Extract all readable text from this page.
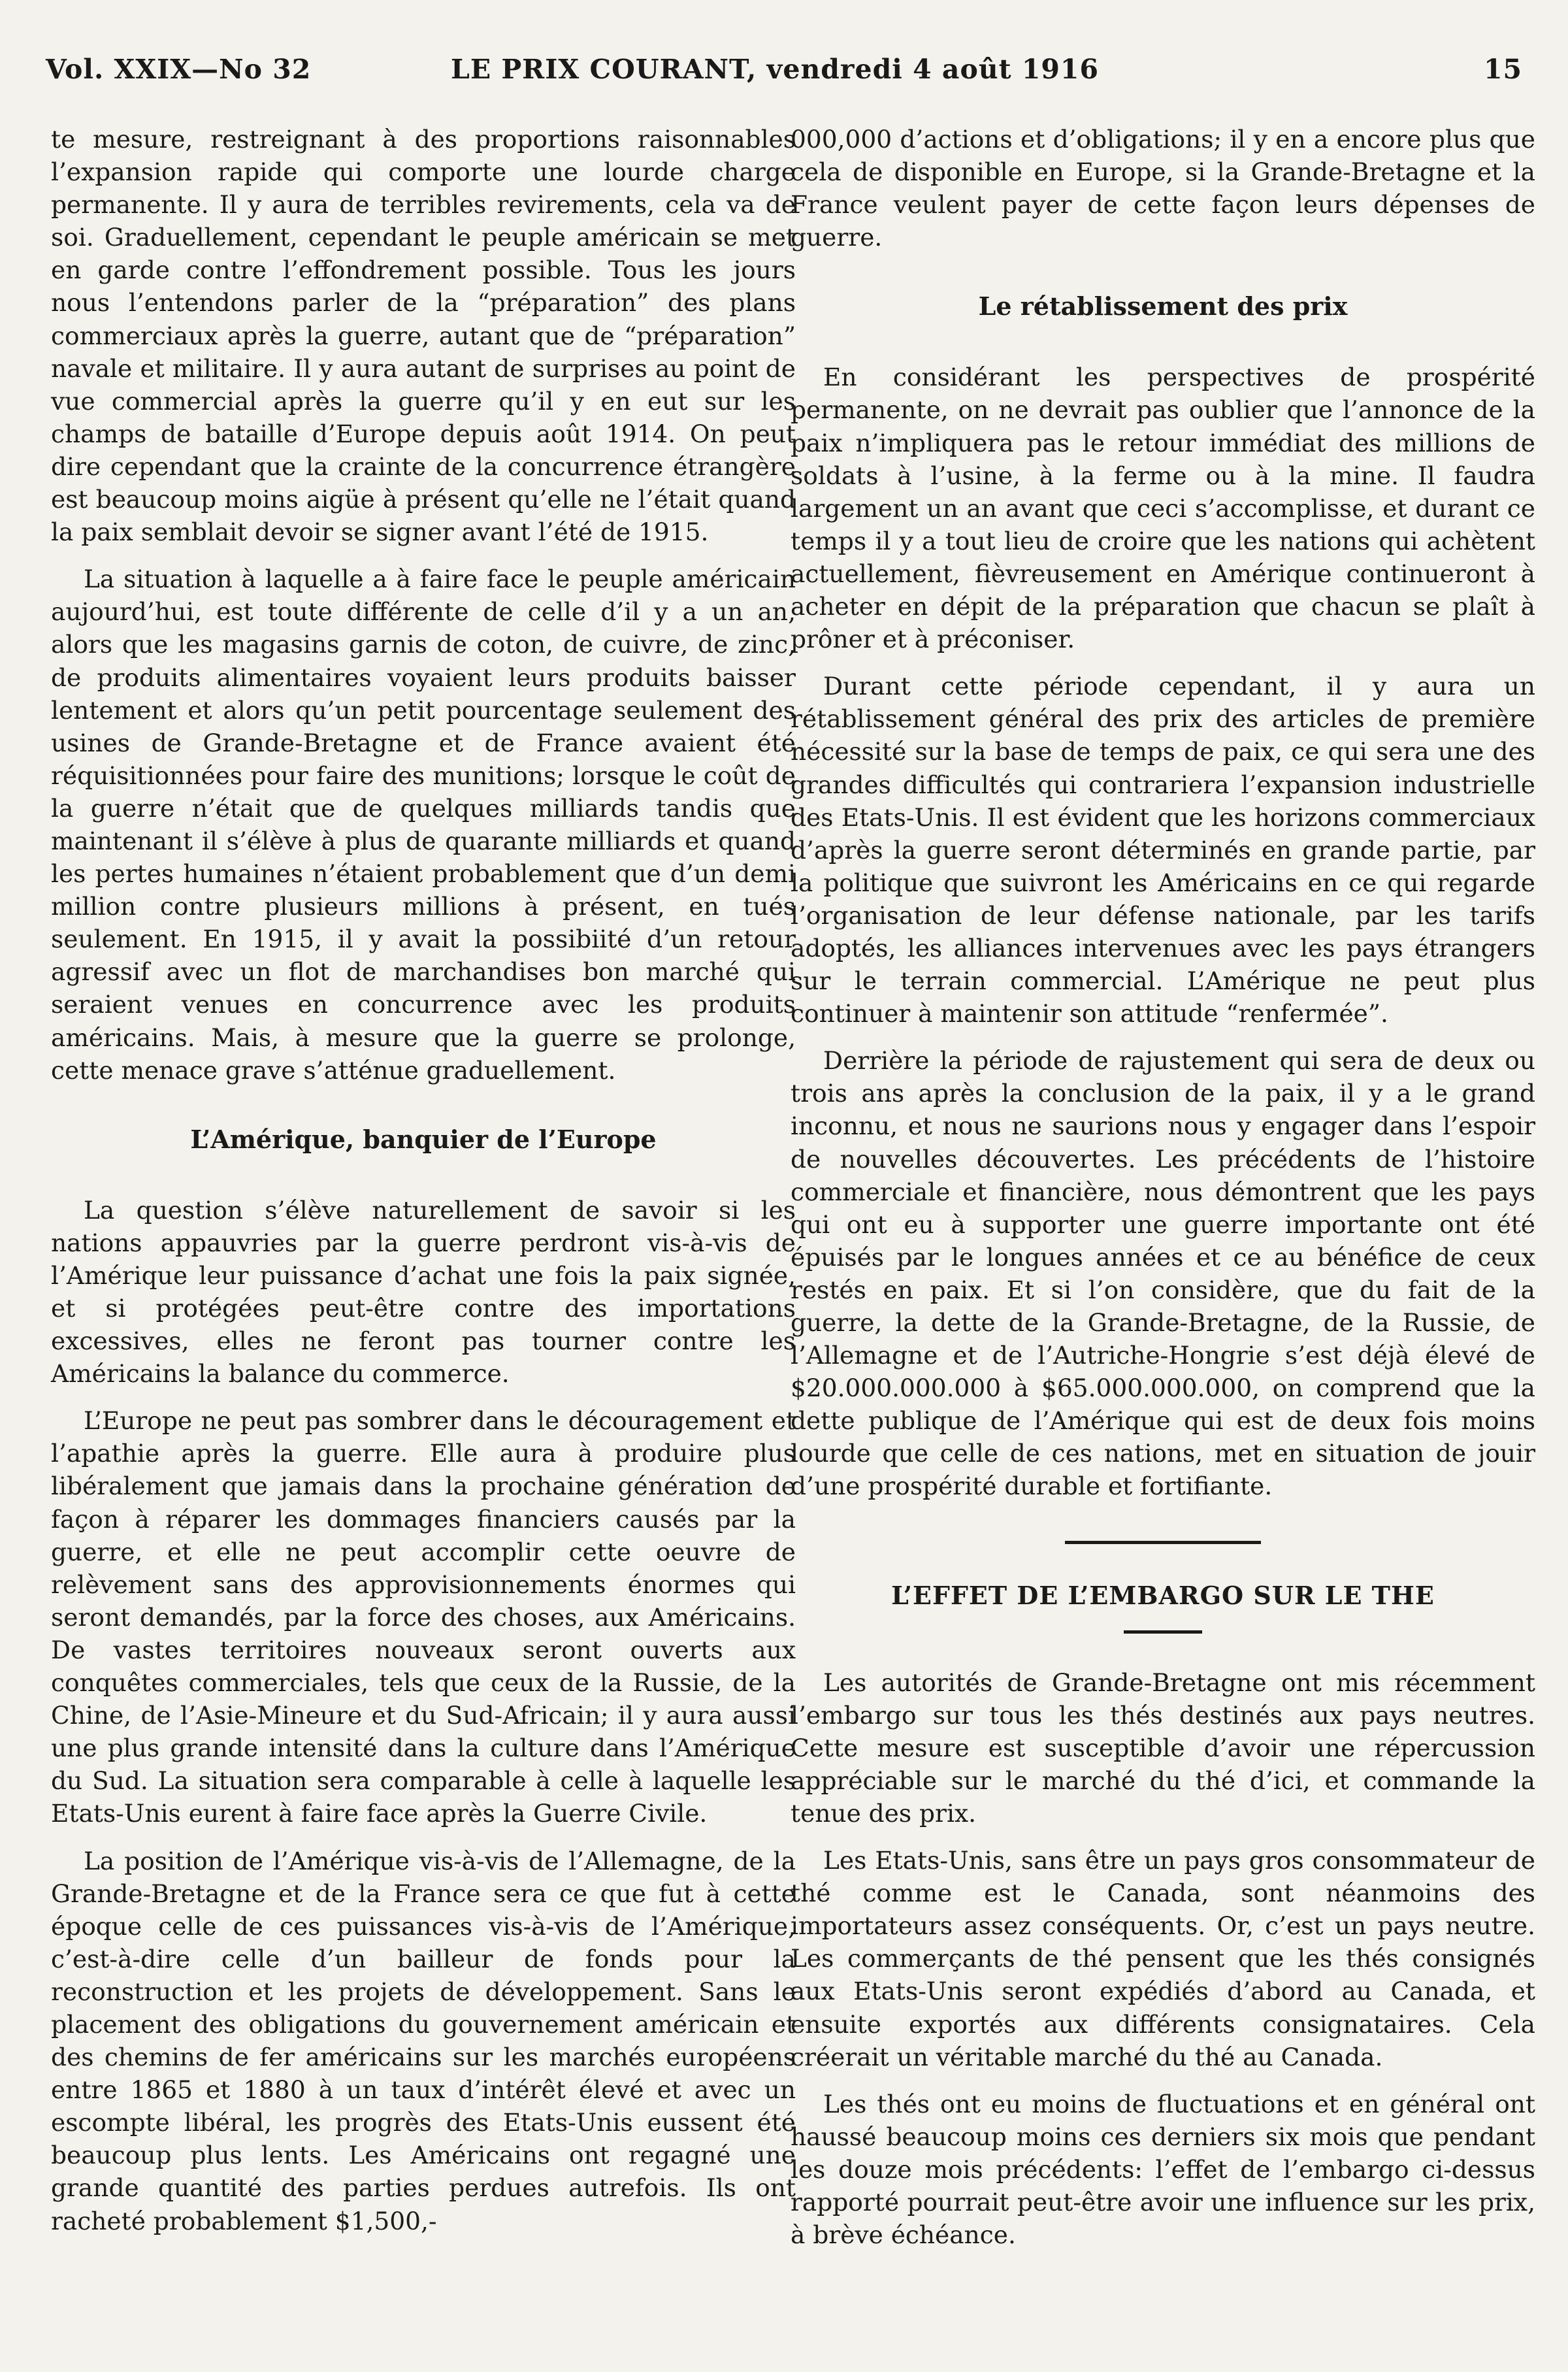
Vol. XXIX—No 32	LE PRIX COURANT, vendredi 4 août 1916	15

te mesure, restreignant à des proportions raisonnables l’expansion rapide qui comporte une lourde charge permanente. Il y aura de terribles revirements, cela va de soi. Graduellement, cependant le peuple américain se met en garde contre l’effondrement possible. Tous les jours nous l’entendons parler de la “préparation” des plans commerciaux après la guerre, autant que de “préparation” navale et militaire. Il y aura autant de surprises au point de vue commercial après la guerre qu’il y en eut sur les champs de bataille d’Europe depuis août 1914. On peut dire cependant que la crainte de la concurrence étrangère est beaucoup moins aigüe à présent qu’elle ne l’était quand la paix semblait devoir se signer avant l’été de 1915.

La situation à laquelle a à faire face le peuple américain aujourd’hui, est toute différente de celle d’il y a un an, alors que les magasins garnis de coton, de cuivre, de zinc, de produits alimentaires voyaient leurs produits baisser lentement et alors qu’un petit pourcentage seulement des usines de Grande-Bretagne et de France avaient été réquisitionnées pour faire des munitions; lorsque le coût de la guerre n’était que de quelques milliards tandis que maintenant il s’élève à plus de quarante milliards et quand les pertes humaines n’étaient probablement que d’un demi million contre plusieurs millions à présent, en tués seulement. En 1915, il y avait la possibiité d’un retour agressif avec un flot de marchandises bon marché qui seraient venues en concurrence avec les produits américains. Mais, à mesure que la guerre se prolonge, cette menace grave s’atténue graduellement.

L’Amérique, banquier de l’Europe

La question s’élève naturellement de savoir si les nations appauvries par la guerre perdront vis-à-vis de l’Amérique leur puissance d’achat une fois la paix signée, et si protégées peut-être contre des importations excessives, elles ne feront pas tourner contre les Américains la balance du commerce.

L’Europe ne peut pas sombrer dans le découragement et l’apathie après la guerre. Elle aura à produire plus libéralement que jamais dans la prochaine génération de façon à réparer les dommages financiers causés par la guerre, et elle ne peut accomplir cette oeuvre de relèvement sans des approvisionnements énormes qui seront demandés, par la force des choses, aux Américains. De vastes territoires nouveaux seront ouverts aux conquêtes commerciales, tels que ceux de la Russie, de la Chine, de l’Asie-Mineure et du Sud-Africain; il y aura aussi une plus grande intensité dans la culture dans l’Amérique du Sud. La situation sera comparable à celle à laquelle les Etats-Unis eurent à faire face après la Guerre Civile.

La position de l’Amérique vis-à-vis de l’Allemagne, de la Grande-Bretagne et de la France sera ce que fut à cette époque celle de ces puissances vis-à-vis de l’Amérique, c’est-à-dire celle d’un bailleur de fonds pour la reconstruction et les projets de développement. Sans le placement des obligations du gouvernement américain et des chemins de fer américains sur les marchés européens entre 1865 et 1880 à un taux d’intérêt élevé et avec un escompte libéral, les progrès des Etats-Unis eussent été beaucoup plus lents. Les Américains ont regagné une grande quantité des parties perdues autrefois. Ils ont racheté probablement $1,500,-

000,000 d’actions et d’obligations; il y en a encore plus que cela de disponible en Europe, si la Grande-Bretagne et la France veulent payer de cette façon leurs dépenses de guerre.

Le rétablissement des prix

En considérant les perspectives de prospérité permanente, on ne devrait pas oublier que l’annonce de la paix n’impliquera pas le retour immédiat des millions de soldats à l’usine, à la ferme ou à la mine. Il faudra largement un an avant que ceci s’accomplisse, et durant ce temps il y a tout lieu de croire que les nations qui achètent actuellement, fièvreusement en Amérique continueront à acheter en dépit de la préparation que chacun se plaît à prôner et à préconiser.

Durant cette période cependant, il y aura un rétablissement général des prix des articles de première nécessité sur la base de temps de paix, ce qui sera une des grandes difficultés qui contrariera l’expansion industrielle des Etats-Unis. Il est évident que les horizons commerciaux d’après la guerre seront déterminés en grande partie, par la politique que suivront les Américains en ce qui regarde l’organisation de leur défense nationale, par les tarifs adoptés, les alliances intervenues avec les pays étrangers sur le terrain commercial. L’Amérique ne peut plus continuer à maintenir son attitude “renfermée”.

Derrière la période de rajustement qui sera de deux ou trois ans après la conclusion de la paix, il y a le grand inconnu, et nous ne saurions nous y engager dans l’espoir de nouvelles découvertes. Les précédents de l’histoire commerciale et financière, nous démontrent que les pays qui ont eu à supporter une guerre importante ont été épuisés par le longues années et ce au bénéfice de ceux restés en paix. Et si l’on considère, que du fait de la guerre, la dette de la Grande-Bretagne, de la Russie, de l’Allemagne et de l’Autriche-Hongrie s’est déjà élevé de $20.000.000.000 à $65.000.000.000, on comprend que la dette publique de l’Amérique qui est de deux fois moins lourde que celle de ces nations, met en situation de jouir d’une prospérité durable et fortifiante.

L’EFFET DE L’EMBARGO SUR LE THE

Les autorités de Grande-Bretagne ont mis récemment l’embargo sur tous les thés destinés aux pays neutres. Cette mesure est susceptible d’avoir une répercussion appréciable sur le marché du thé d’ici, et commande la tenue des prix.

Les Etats-Unis, sans être un pays gros consommateur de thé comme est le Canada, sont néanmoins des importateurs assez conséquents. Or, c’est un pays neutre. Les commerçants de thé pensent que les thés consignés aux Etats-Unis seront expédiés d’abord au Canada, et ensuite exportés aux différents consignataires. Cela créerait un véritable marché du thé au Canada.

Les thés ont eu moins de fluctuations et en général ont haussé beaucoup moins ces derniers six mois que pendant les douze mois précédents: l’effet de l’embargo ci-dessus rapporté pourrait peut-être avoir une influence sur les prix, à brève échéance.
